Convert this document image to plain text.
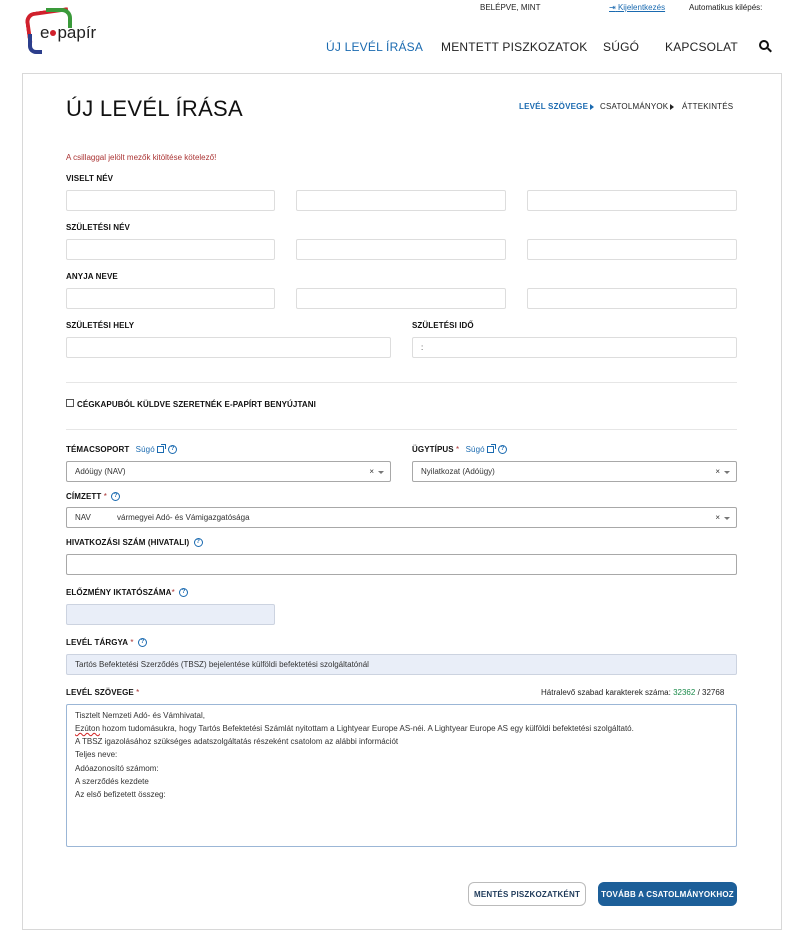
e papír
BELÉPVE, MINT	⇥ Kijelentkezés	Automatikus kilépés:
ÚJ LEVÉL ÍRÁSA MENTETT PISZKOZATOK SÚGÓ KAPCSOLAT
ÚJ LEVÉL ÍRÁSA	LEVÉL SZÖVEGE	CSATOLMÁNYOK	ÁTTEKINTÉS
A csillaggal jelölt mezők kitöltése kötelező!
VISELT NÉV
SZÜLETÉSI NÉV
ANYJA NEVE
SZÜLETÉSI HELY	SZÜLETÉSI IDŐ
:
CÉGKAPUBÓL KÜLDVE SZERETNÉK E-PAPÍRT BENYÚJTANI
TÉMACSOPORT Súgó	?
Adóügy (NAV)	×
ÜGYTÍPUS * Súgó	?
Nyilatkozat (Adóügy)	×
CÍMZETT * ?
NAV	vármegyei Adó- és Vámigazgatósága	×
HIVATKOZÁSI SZÁM (HIVATALI) ?
ELŐZMÉNY IKTATÓSZÁMA* ?
LEVÉL TÁRGYA * ?
Tartós Befektetési Szerződés (TBSZ) bejelentése külföldi befektetési szolgáltatónál
LEVÉL SZÖVEGE *	Hátralevő szabad karakterek száma: 32362 / 32768
Tisztelt Nemzeti Adó- és Vámhivatal,
Ezúton hozom tudomásukra, hogy Tartós Befektetési Számlát nyitottam a Lightyear Europe AS-néi. A Lightyear Europe AS egy külföldi befektetési szolgáltató.
A TBSZ igazolásához szükséges adatszolgáltatás részeként csatolom az alábbi információt
Teljes neve:
Adóazonosító számom:
A szerződés kezdete
Az első befizetett összeg:
MENTÉS PISZKOZATKÉNT	TOVÁBB A CSATOLMÁNYOKHOZ
